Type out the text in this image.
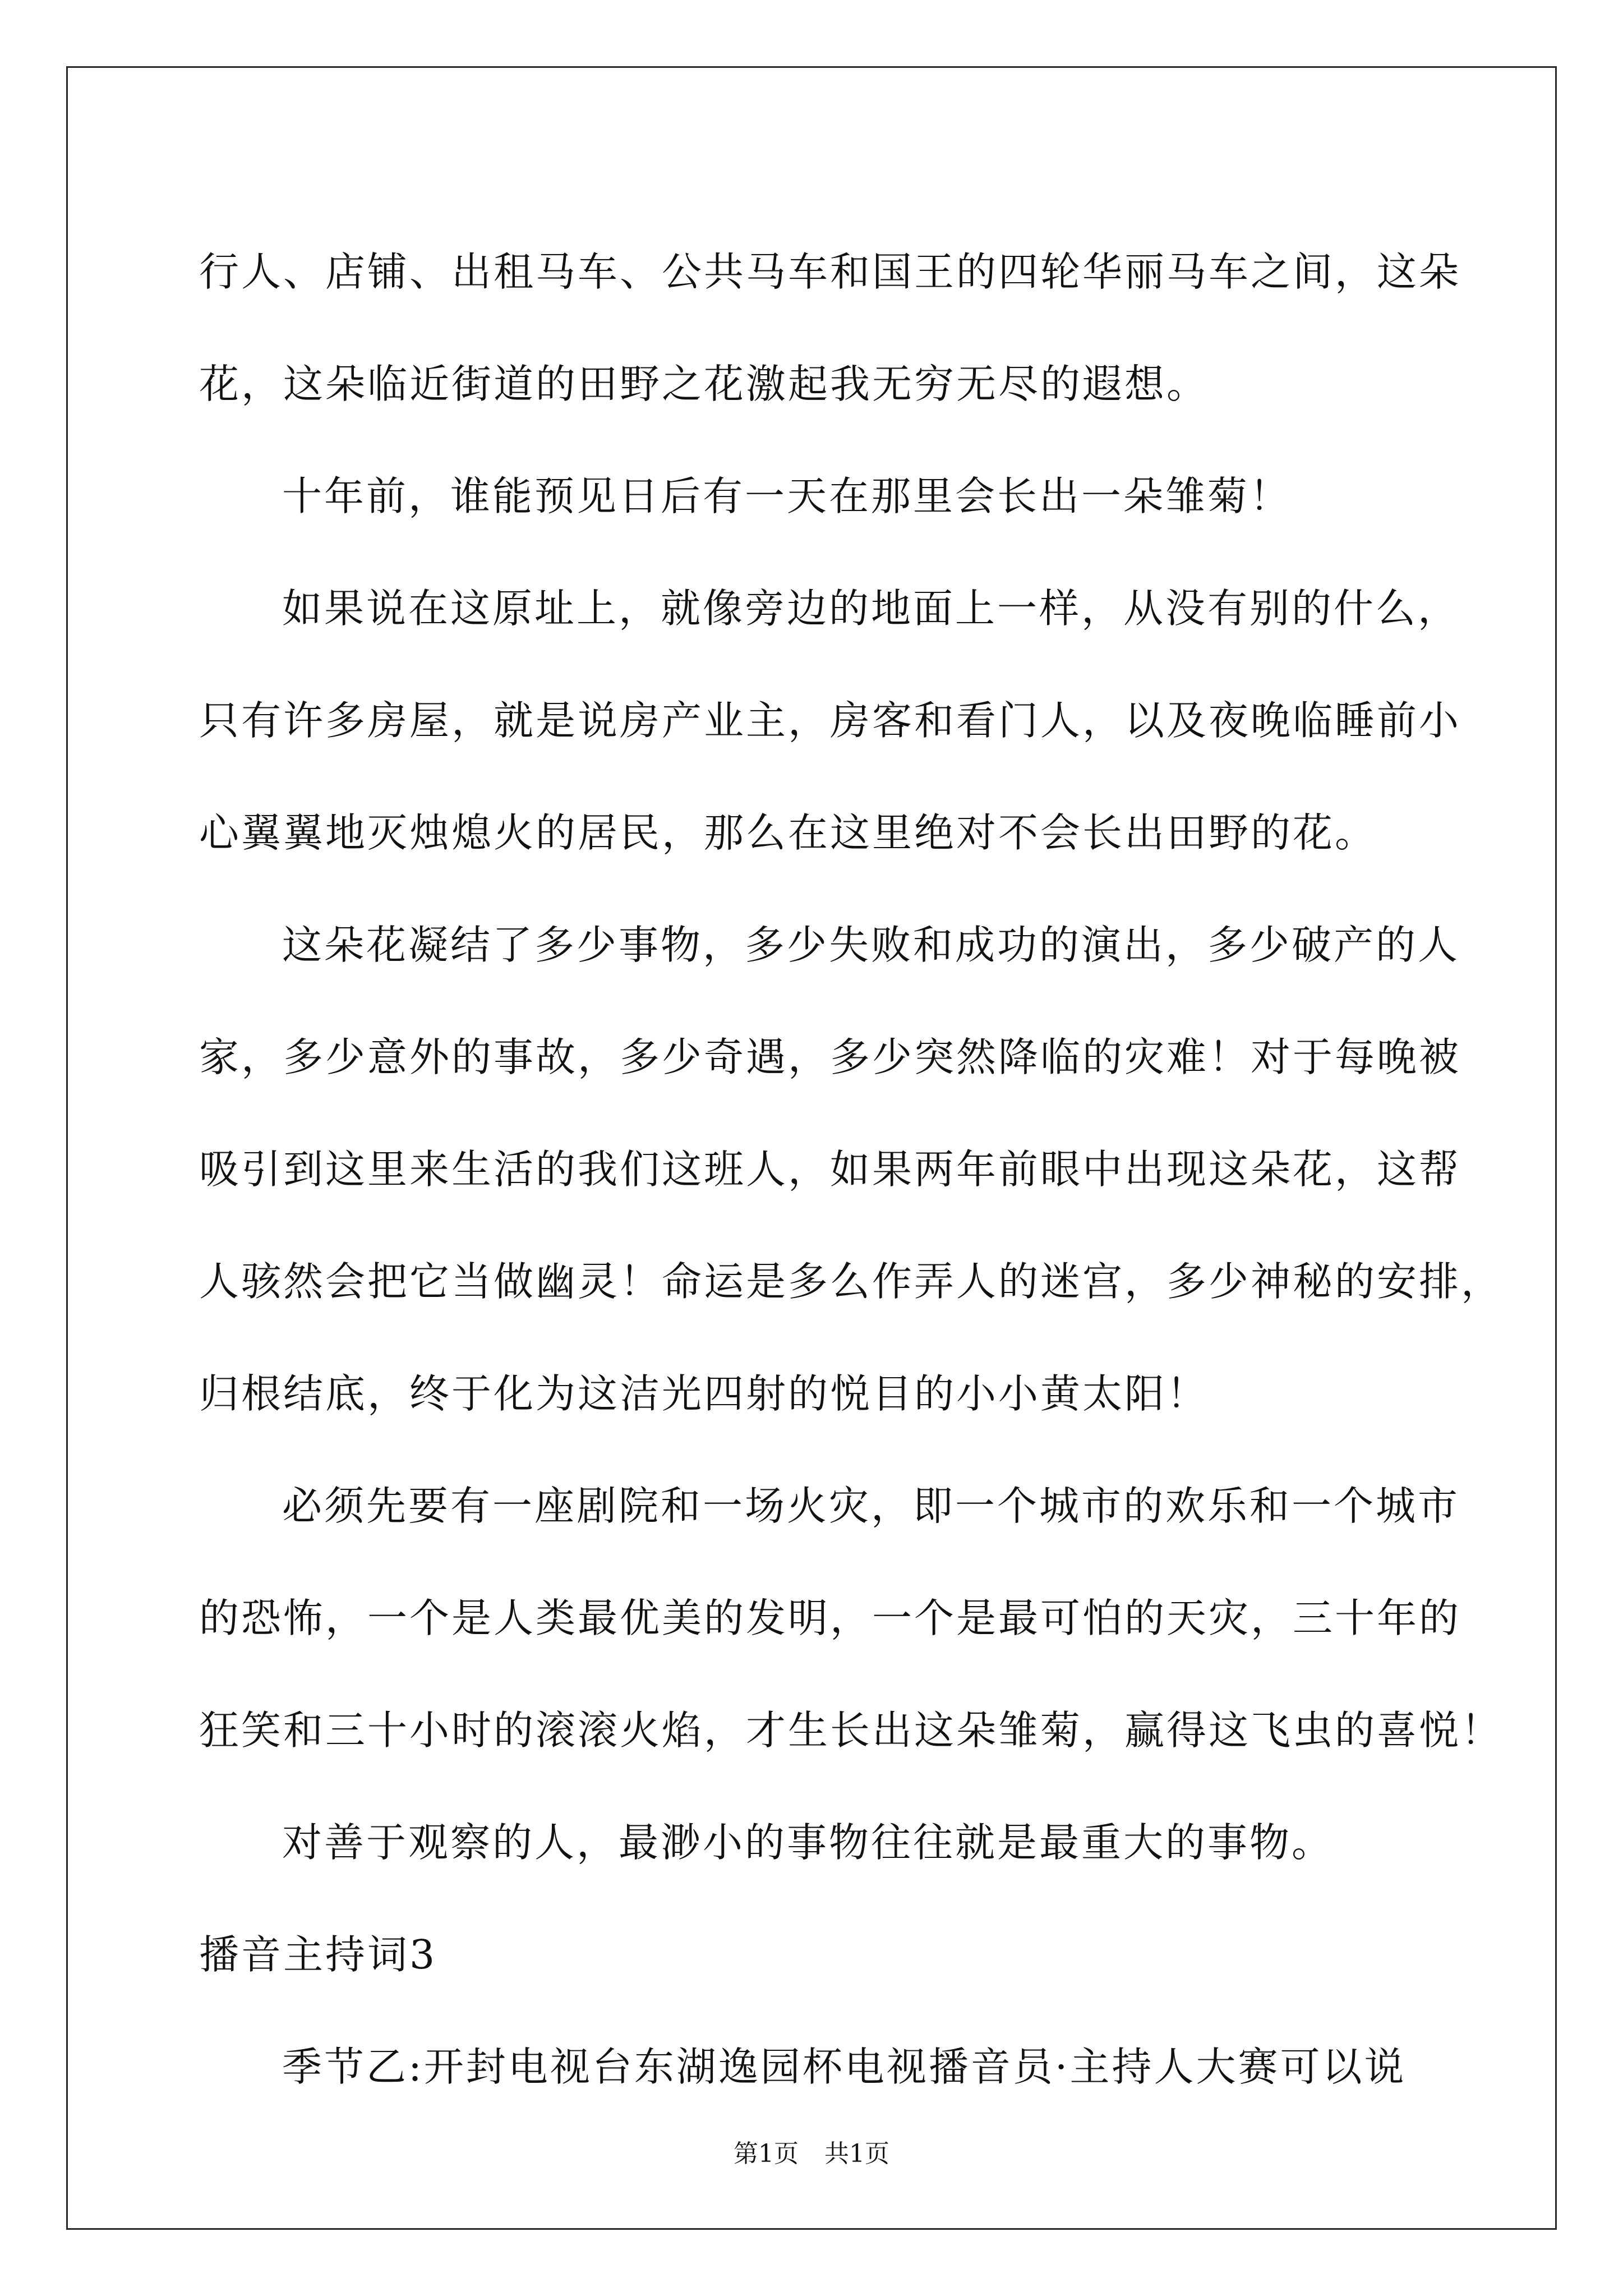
行人、店铺、出租马车、公共马车和国王的四轮华丽马车之间，这朵
花，这朵临近街道的田野之花激起我无穷无尽的遐想。
十年前，谁能预见日后有一天在那里会长出一朵雏菊！
如果说在这原址上，就像旁边的地面上一样，从没有别的什么，
只有许多房屋，就是说房产业主，房客和看门人，以及夜晚临睡前小
心翼翼地灭烛熄火的居民，那么在这里绝对不会长出田野的花。
这朵花凝结了多少事物，多少失败和成功的演出，多少破产的人
家，多少意外的事故，多少奇遇，多少突然降临的灾难！对于每晚被
吸引到这里来生活的我们这班人，如果两年前眼中出现这朵花，这帮
人骇然会把它当做幽灵！命运是多么作弄人的迷宫，多少神秘的安排，
归根结底，终于化为这洁光四射的悦目的小小黄太阳！
必须先要有一座剧院和一场火灾，即一个城市的欢乐和一个城市
的恐怖，一个是人类最优美的发明，一个是最可怕的天灾，三十年的
狂笑和三十小时的滚滚火焰，才生长出这朵雏菊，赢得这飞虫的喜悦！
对善于观察的人，最渺小的事物往往就是最重大的事物。
播音主持词3
季节乙:开封电视台东湖逸园杯电视播音员·主持人大赛可以说
第1页 共1页
